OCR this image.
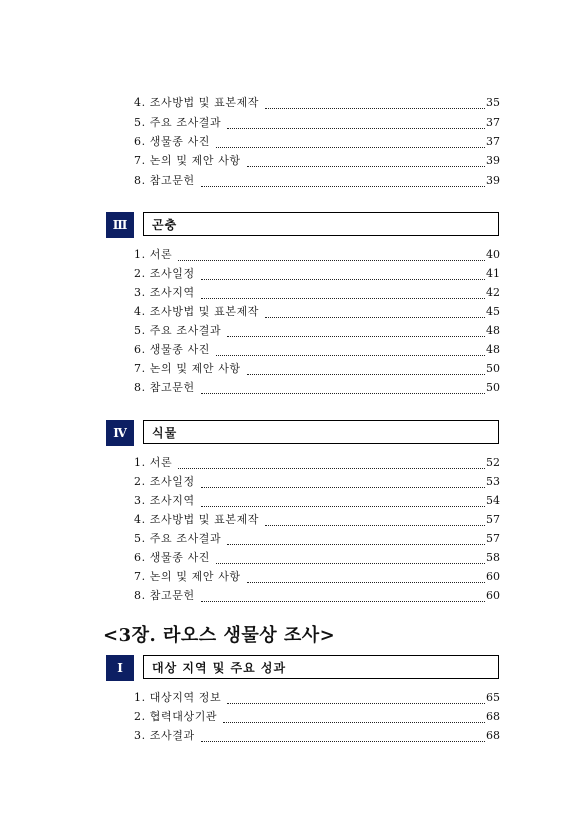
4. 조사방법 및 표본제작	35
5. 주요 조사결과	37
6. 생물종 사진	37
7. 논의 및 제안 사항	39
8. 참고문헌	39
Ⅲ	곤충
1. 서론	40
2. 조사일정	41
3. 조사지역	42
4. 조사방법 및 표본제작	45
5. 주요 조사결과	48
6. 생물종 사진	48
7. 논의 및 제안 사항	50
8. 참고문헌	50
Ⅳ	식물
1. 서론	52
2. 조사일정	53
3. 조사지역	54
4. 조사방법 및 표본제작	57
5. 주요 조사결과	57
6. 생물종 사진	58
7. 논의 및 제안 사항	60
8. 참고문헌	60
<3장. 라오스 생물상 조사>
Ⅰ	대상 지역 및 주요 성과
1. 대상지역 정보	65
2. 협력대상기관	68
3. 조사결과	68
